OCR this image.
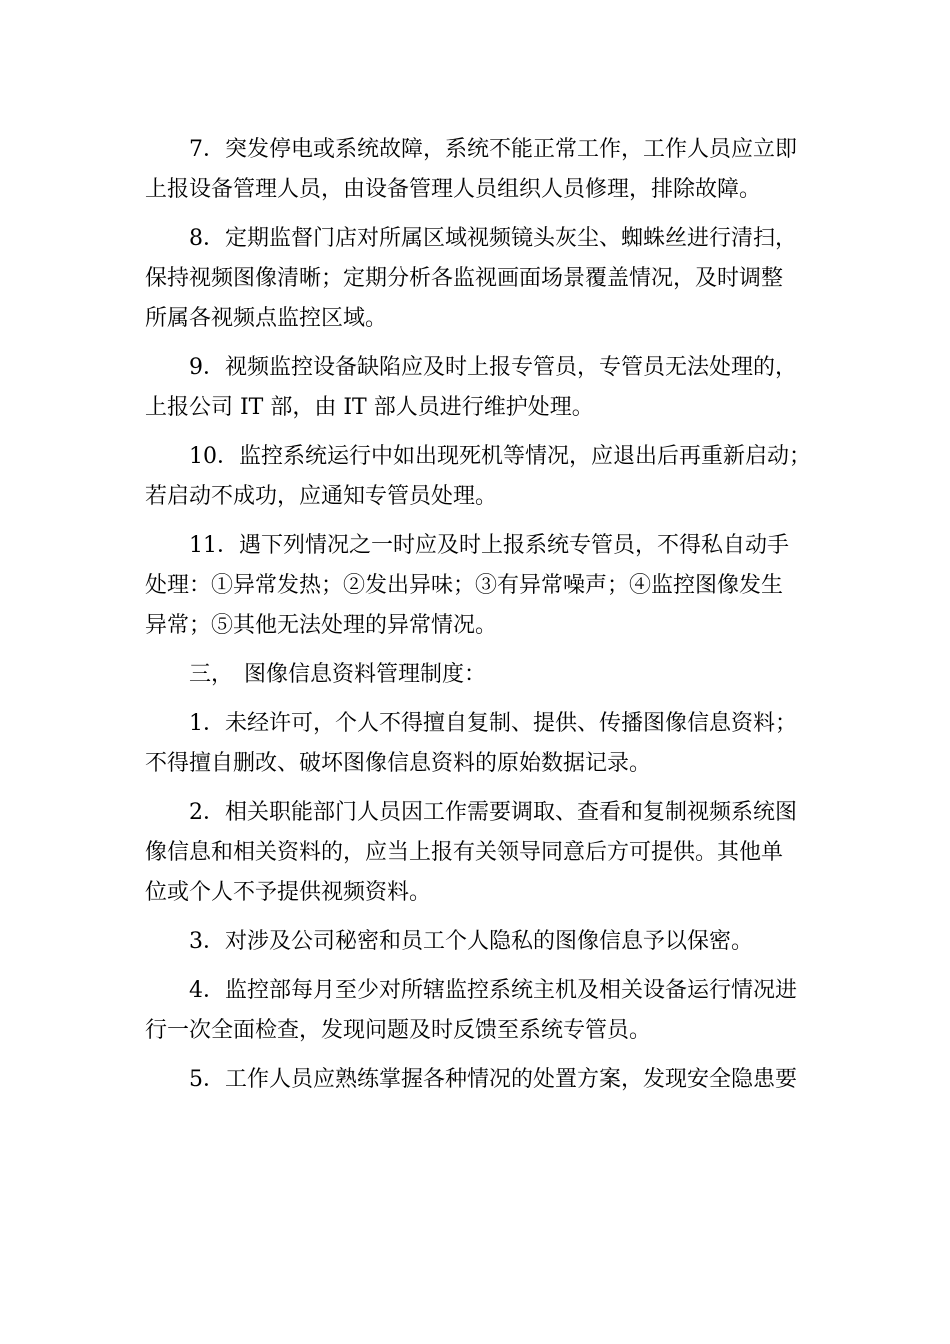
7．突发停电或系统故障，系统不能正常工作，工作人员应立即
上报设备管理人员，由设备管理人员组织人员修理，排除故障。
8．定期监督门店对所属区域视频镜头灰尘、蜘蛛丝进行清扫，
保持视频图像清晰；定期分析各监视画面场景覆盖情况，及时调整
所属各视频点监控区域。
9．视频监控设备缺陷应及时上报专管员，专管员无法处理的，
上报公司 IT 部，由 IT 部人员进行维护处理。
10．监控系统运行中如出现死机等情况，应退出后再重新启动；
若启动不成功，应通知专管员处理。
11．遇下列情况之一时应及时上报系统专管员，不得私自动手
处理：①异常发热；②发出异味；③有异常噪声；④监控图像发生
异常；⑤其他无法处理的异常情况。
三，　图像信息资料管理制度：
1．未经许可，个人不得擅自复制、提供、传播图像信息资料；
不得擅自删改、破坏图像信息资料的原始数据记录。
2．相关职能部门人员因工作需要调取、查看和复制视频系统图
像信息和相关资料的，应当上报有关领导同意后方可提供。其他单
位或个人不予提供视频资料。
3．对涉及公司秘密和员工个人隐私的图像信息予以保密。
4．监控部每月至少对所辖监控系统主机及相关设备运行情况进
行一次全面检查，发现问题及时反馈至系统专管员。
5．工作人员应熟练掌握各种情况的处置方案，发现安全隐患要
